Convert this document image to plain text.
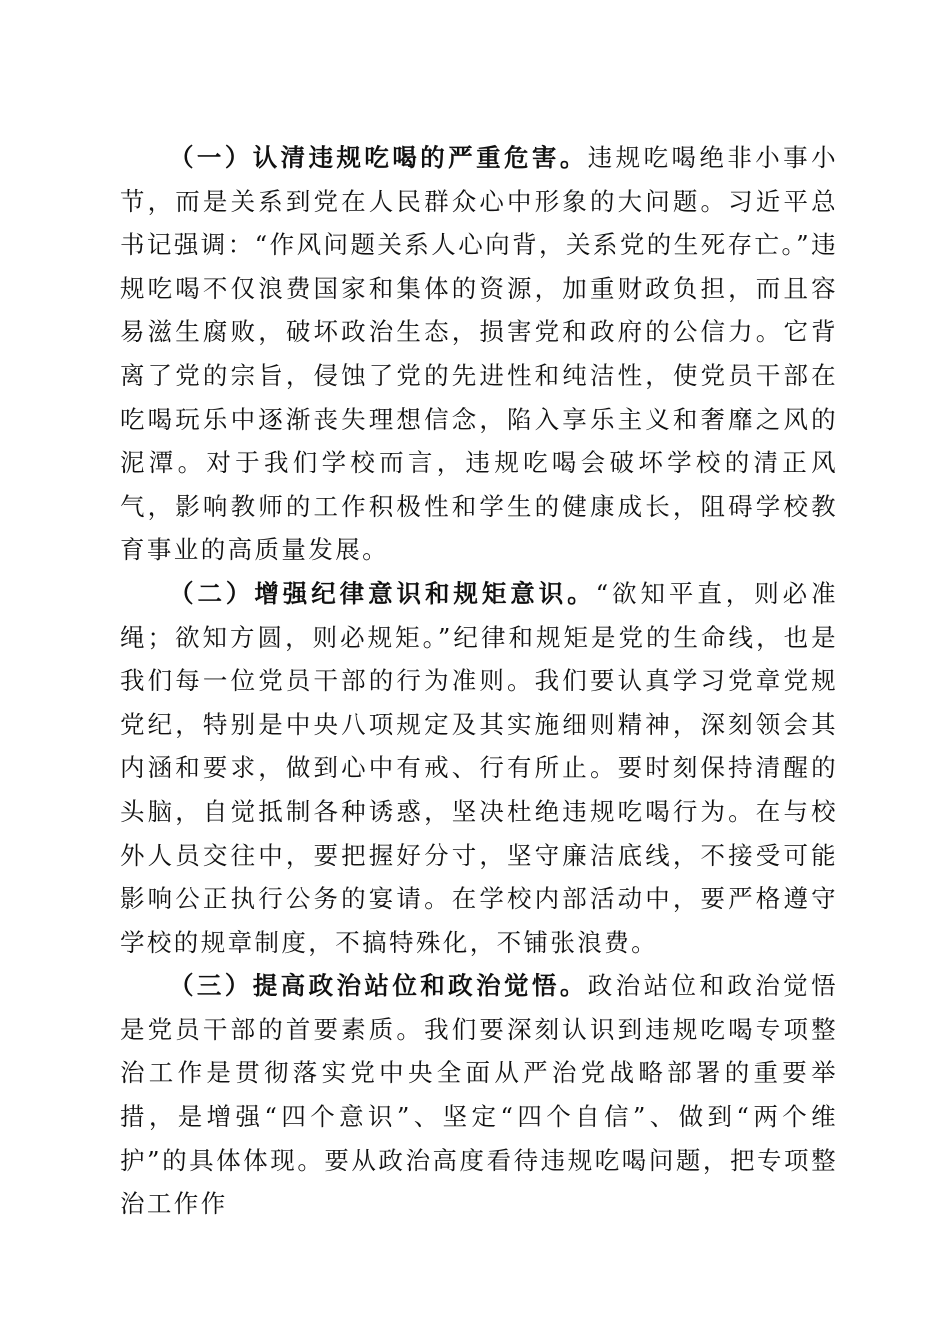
（一）认清违规吃喝的严重危害。违规吃喝绝非小事小节，而是关系到党在人民群众心中形象的大问题。习近平总书记强调：“作风问题关系人心向背，关系党的生死存亡。”违规吃喝不仅浪费国家和集体的资源，加重财政负担，而且容易滋生腐败，破坏政治生态，损害党和政府的公信力。它背离了党的宗旨，侵蚀了党的先进性和纯洁性，使党员干部在吃喝玩乐中逐渐丧失理想信念，陷入享乐主义和奢靡之风的泥潭。对于我们学校而言，违规吃喝会破坏学校的清正风气，影响教师的工作积极性和学生的健康成长，阻碍学校教育事业的高质量发展。

（二）增强纪律意识和规矩意识。“欲知平直，则必准绳；欲知方圆，则必规矩。”纪律和规矩是党的生命线，也是我们每一位党员干部的行为准则。我们要认真学习党章党规党纪，特别是中央八项规定及其实施细则精神，深刻领会其内涵和要求，做到心中有戒、行有所止。要时刻保持清醒的头脑，自觉抵制各种诱惑，坚决杜绝违规吃喝行为。在与校外人员交往中，要把握好分寸，坚守廉洁底线，不接受可能影响公正执行公务的宴请。在学校内部活动中，要严格遵守学校的规章制度，不搞特殊化，不铺张浪费。

（三）提高政治站位和政治觉悟。政治站位和政治觉悟是党员干部的首要素质。我们要深刻认识到违规吃喝专项整治工作是贯彻落实党中央全面从严治党战略部署的重要举措，是增强“四个意识”、坚定“四个自信”、做到“两个维护”的具体体现。要从政治高度看待违规吃喝问题，把专项整治工作作
